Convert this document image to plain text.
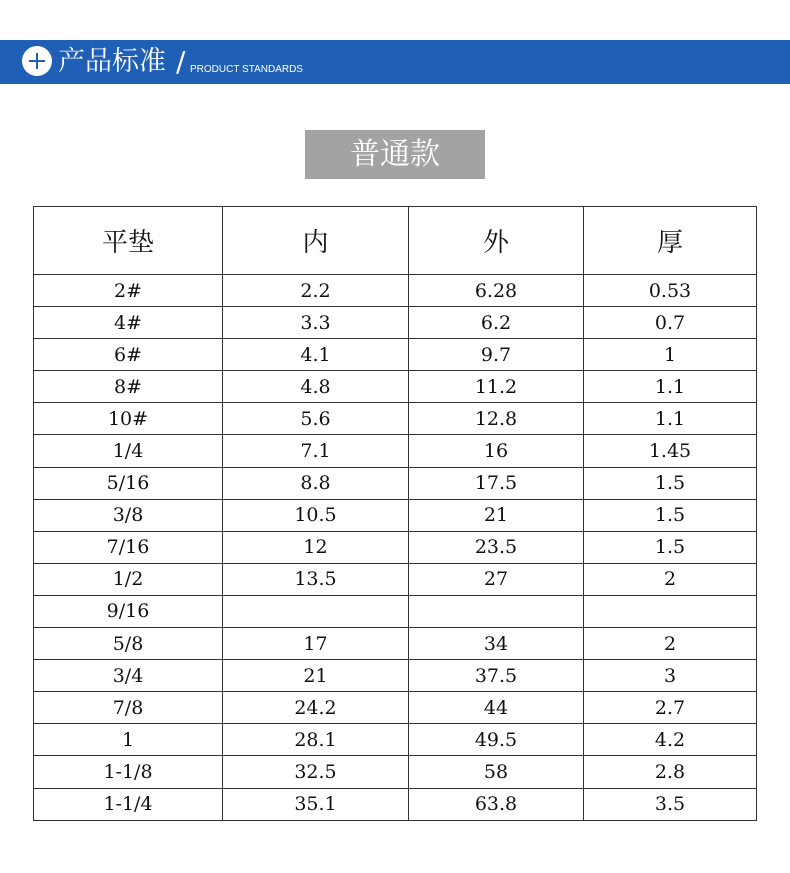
产品标准 / PRODUCT STANDARDS
普通款
平垫	内	外	厚
2#	2.2	6.28	0.53
4#	3.3	6.2	0.7
6#	4.1	9.7	1
8#	4.8	11.2	1.1
10#	5.6	12.8	1.1
1/4	7.1	16	1.45
5/16	8.8	17.5	1.5
3/8	10.5	21	1.5
7/16	12	23.5	1.5
1/2	13.5	27	2
9/16			
5/8	17	34	2
3/4	21	37.5	3
7/8	24.2	44	2.7
1	28.1	49.5	4.2
1-1/8	32.5	58	2.8
1-1/4	35.1	63.8	3.5
